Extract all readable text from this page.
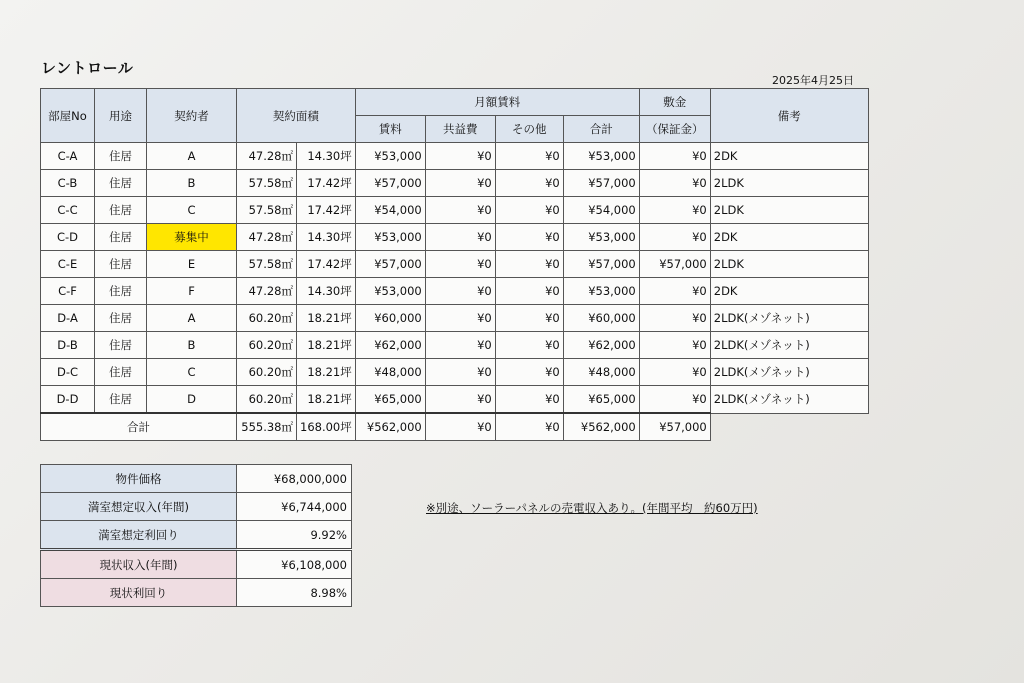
レントロール
2025年4月25日
部屋No	用途	契約者	契約面積		月額賃料				敷金	備考
					賃料	共益費	その他	合計	（保証金）	
C-A	住居	A	47.28㎡	14.30坪	¥53,000	¥0	¥0	¥53,000	¥0	2DK
C-B	住居	B	57.58㎡	17.42坪	¥57,000	¥0	¥0	¥57,000	¥0	2LDK
C-C	住居	C	57.58㎡	17.42坪	¥54,000	¥0	¥0	¥54,000	¥0	2LDK
C-D	住居	募集中	47.28㎡	14.30坪	¥53,000	¥0	¥0	¥53,000	¥0	2DK
C-E	住居	E	57.58㎡	17.42坪	¥57,000	¥0	¥0	¥57,000	¥57,000	2LDK
C-F	住居	F	47.28㎡	14.30坪	¥53,000	¥0	¥0	¥53,000	¥0	2DK
D-A	住居	A	60.20㎡	18.21坪	¥60,000	¥0	¥0	¥60,000	¥0	2LDK(メゾネット)
D-B	住居	B	60.20㎡	18.21坪	¥62,000	¥0	¥0	¥62,000	¥0	2LDK(メゾネット)
D-C	住居	C	60.20㎡	18.21坪	¥48,000	¥0	¥0	¥48,000	¥0	2LDK(メゾネット)
D-D	住居	D	60.20㎡	18.21坪	¥65,000	¥0	¥0	¥65,000	¥0	2LDK(メゾネット)
合計			555.38㎡	168.00坪	¥562,000	¥0	¥0	¥562,000	¥57,000	
物件価格	¥68,000,000
満室想定収入(年間)	¥6,744,000
満室想定利回り	9.92%
現状収入(年間)	¥6,108,000
現状利回り	8.98%
※別途、ソーラーパネルの売電収入あり。(年間平均　約60万円)
